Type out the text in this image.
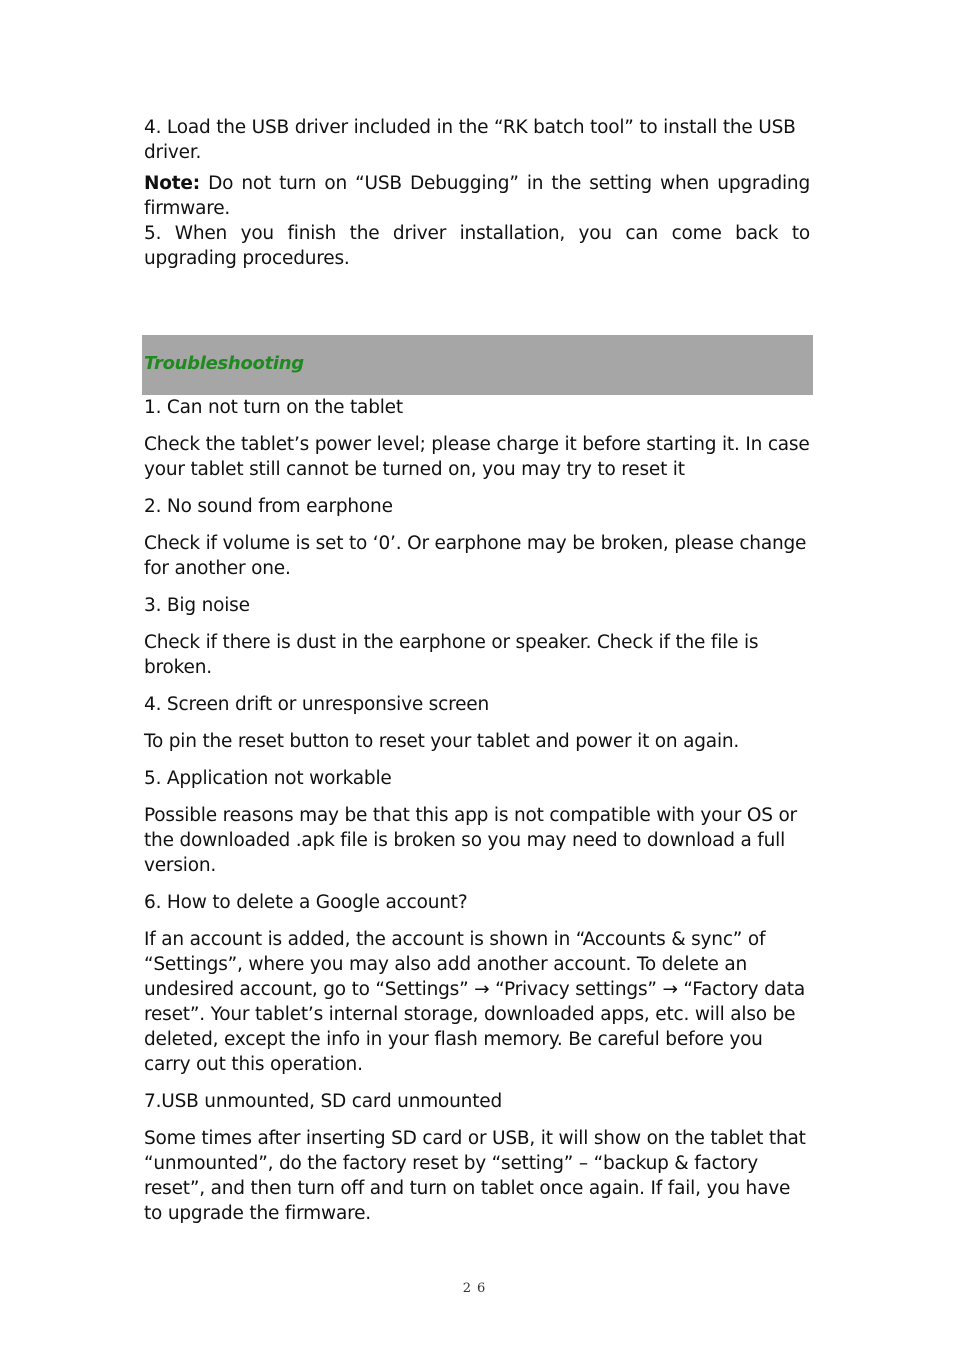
4. Load the USB driver included in the “RK batch tool” to install the USB driver.

Note: Do not turn on “USB Debugging” in the setting when upgrading firmware.

5. When you finish the driver installation, you can come back to upgrading procedures.

Troubleshooting

1. Can not turn on the tablet

Check the tablet’s power level; please charge it before starting it. In case your tablet still cannot be turned on, you may try to reset it

2. No sound from earphone

Check if volume is set to ‘0’. Or earphone may be broken, please change for another one.

3. Big noise

Check if there is dust in the earphone or speaker. Check if the file is broken.

4. Screen drift or unresponsive screen

To pin the reset button to reset your tablet and power it on again.

5. Application not workable

Possible reasons may be that this app is not compatible with your OS or the downloaded .apk file is broken so you may need to download a full version.

6. How to delete a Google account?

If an account is added, the account is shown in “Accounts & sync” of “Settings”, where you may also add another account. To delete an undesired account, go to “Settings” → “Privacy settings” → “Factory data reset”. Your tablet’s internal storage, downloaded apps, etc. will also be deleted, except the info in your flash memory. Be careful before you carry out this operation.

7.USB unmounted, SD card unmounted

Some times after inserting SD card or USB, it will show on the tablet that “unmounted”, do the factory reset by “setting” – “backup & factory reset”, and then turn off and turn on tablet once again. If fail, you have to upgrade the firmware.

26
